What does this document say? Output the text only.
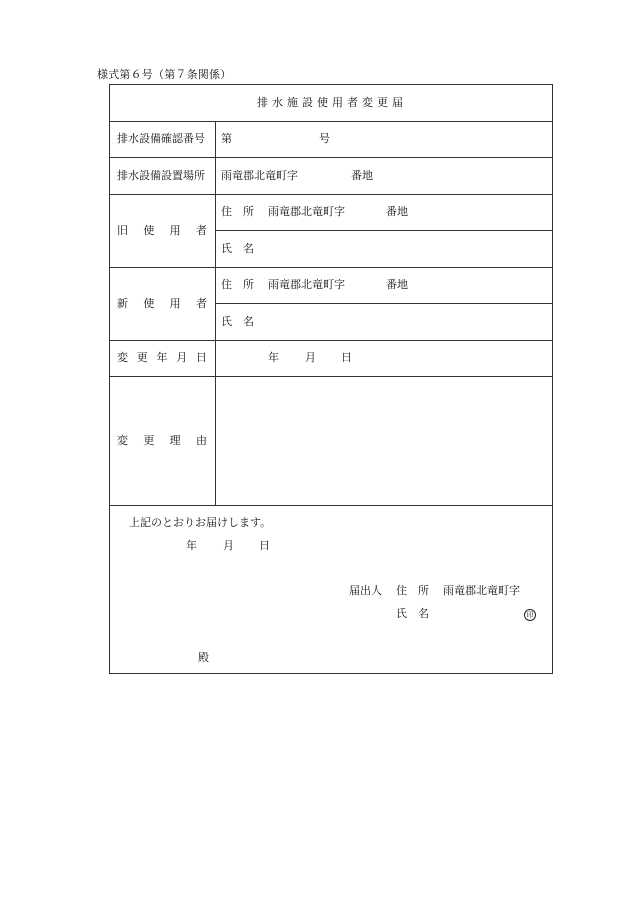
様式第６号（第７条関係）
排水施設使用者変更届
排水設備確認番号 第	号
排水設備設置場所 雨竜郡北竜町字	番地
旧 使 用 者
住　所 雨竜郡北竜町字	番地
氏　名
新 使 用 者
住　所 雨竜郡北竜町字	番地
氏　名
変 更 年 月 日	年 月 日
変 更 理 由
上記のとおりお届けします。
年 月 日
届出人 住　所 雨竜郡北竜町字
氏　名	印
殿
